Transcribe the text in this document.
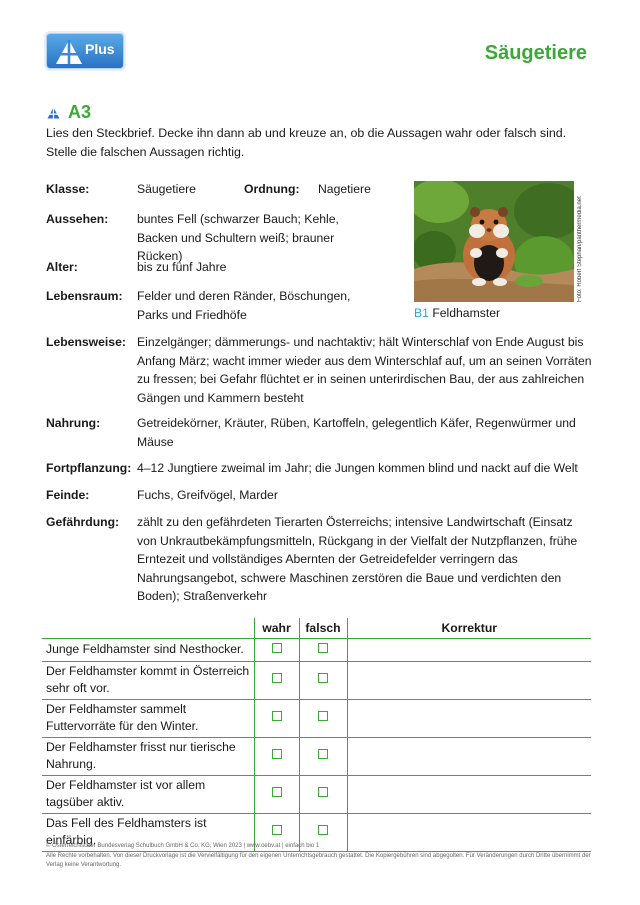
Plus	Säugetiere
A3
Lies den Steckbrief. Decke ihn dann ab und kreuze an, ob die Aussagen wahr oder falsch sind. Stelle die falschen Aussagen richtig.
Klasse:	Säugetiere	Ordnung: Nagetiere
Aussehen: buntes Fell (schwarzer Bauch; Kehle, Backen und Schultern weiß; brauner Rücken)
Alter:	bis zu fünf Jahre
Lebensraum: Felder und deren Ränder, Böschungen, Parks und Friedhöfe
Lebensweise: Einzelgänger; dämmerungs- und nachtaktiv; hält Winterschlaf von Ende August bis Anfang März; wacht immer wieder aus dem Winterschlaf auf, um an seinen Vorräten zu fressen; bei Gefahr flüchtet er in seinen unterirdischen Bau, der aus zahlreichen Gängen und Kammern besteht
Nahrung:	Getreidekörner, Kräuter, Rüben, Kartoffeln, gelegentlich Käfer, Regenwürmer und Mäuse
Fortpflanzung: 4–12 Jungtiere zweimal im Jahr; die Jungen kommen blind und nackt auf die Welt
Feinde:	Fuchs, Greifvögel, Marder
Gefährdung: zählt zu den gefährdeten Tierarten Österreichs; intensive Landwirtschaft (Einsatz von Unkrautbekämpfungsmitteln, Rückgang in der Vielfalt der Nutzpflanzen, frühe Erntezeit und vollständiges Abernten der Getreidefelder verringern das Nahrungsangebot, schwere Maschinen zerstören die Baue und verdichten den Boden); Straßenverkehr
Foto: Robert Stephan/panthermedia.net
B1 Feldhamster
	wahr	falsch	Korrektur
Junge Feldhamster sind Nesthocker.			
Der Feldhamster kommt in Österreich sehr oft vor.			
Der Feldhamster sammelt Futtervorräte für den Winter.			
Der Feldhamster frisst nur tierische Nahrung.			
Der Feldhamster ist vor allem tagsüber aktiv.			
Das Fell des Feldhamsters ist einfärbig.			
© Österreichischer Bundesverlag Schulbuch GmbH & Co. KG, Wien 2023 | www.oebv.at | einfach bio 1
Alle Rechte vorbehalten. Von dieser Druckvorlage ist die Vervielfältigung für den eigenen Unterrichtsgebrauch gestattet. Die Kopiergebühren sind abgegolten. Für Veränderungen durch Dritte übernimmt der Verlag keine Verantwortung.
